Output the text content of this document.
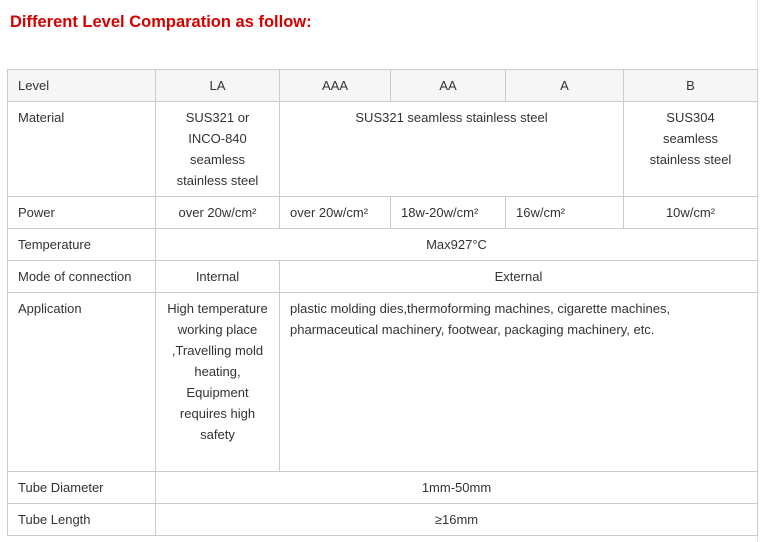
Different Level Comparation as follow:
Level	LA	AAA	AA	A	B
Material	SUS321 or INCO-840 seamless stainless steel	SUS321 seamless stainless steel			SUS304 seamless stainless steel
Power	over 20w/cm²	over 20w/cm²	18w-20w/cm²	16w/cm²	10w/cm²
Temperature	Max927°C				
Mode of connection	Internal	External			
Application	High temperature working place ,Travelling mold heating, Equipment requires high safety	plastic molding dies,thermoforming machines, cigarette machines, pharmaceutical machinery, footwear, packaging machinery, etc.			
Tube Diameter	1mm-50mm				
Tube Length	≥16mm				
